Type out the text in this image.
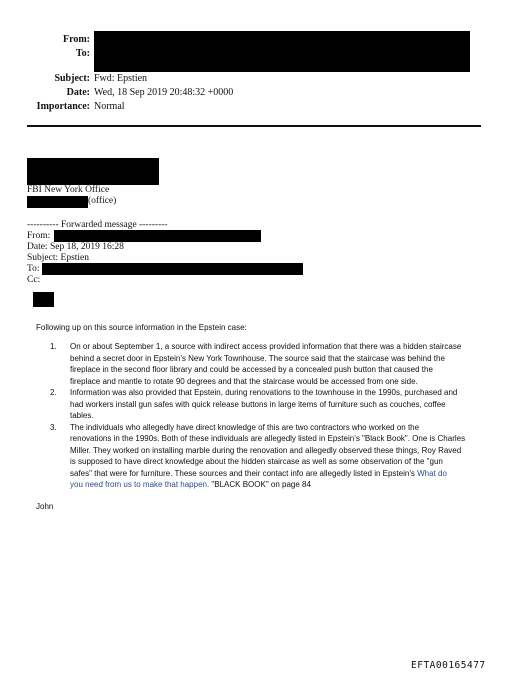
From:
To:
Subject: Fwd: Epstien
Date: Wed, 18 Sep 2019 20:48:32 +0000
Importance: Normal
FBI New York Office
(office)
---------- Forwarded message ---------
From:
Date: Sep 18, 2019 16:28
Subject: Epstien
To:
Cc:
Following up on this source information in the Epstein case:
1. On or about September 1, a source with indirect access provided information that there was a hidden staircase
behind a secret door in Epstein’s New York Townhouse. The source said that the staircase was behind the
fireplace in the second floor library and could be accessed by a concealed push button that caused the
fireplace and mantle to rotate 90 degrees and that the staircase would be accessed from one side.
2. Information was also provided that Epstein, during renovations to the townhouse in the 1990s, purchased and
had workers install gun safes with quick release buttons in large items of furniture such as couches, coffee
tables.
3. The individuals who allegedly have direct knowledge of this are two contractors who worked on the
renovations in the 1990s. Both of these individuals are allegedly listed in Epstein’s "Black Book". One is Charles
Miller. They worked on installing marble during the renovation and allegedly observed these things, Roy Raved
is supposed to have direct knowledge about the hidden staircase as well as some observation of the "gun
safes" that were for furniture. These sources and their contact info are allegedly listed in Epstein's What do
you need from us to make that happen. "BLACK BOOK" on page 84
John
EFTA00165477
